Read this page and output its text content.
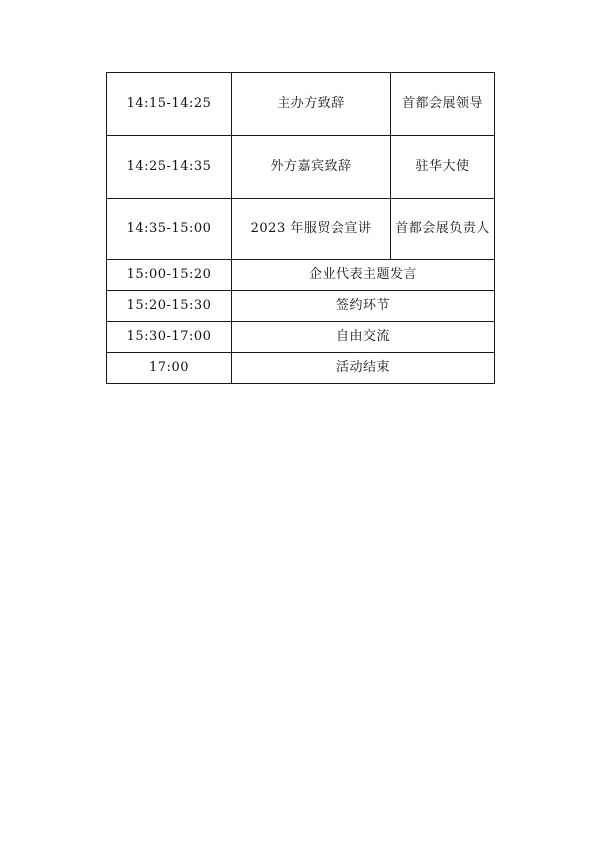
14:15-14:25	主办方致辞	首都会展领导
14:25-14:35	外方嘉宾致辞	驻华大使
14:35-15:00	2023 年服贸会宣讲	首都会展负责人
15:00-15:20	企业代表主题发言	
15:20-15:30	签约环节	
15:30-17:00	自由交流	
17:00	活动结束	
